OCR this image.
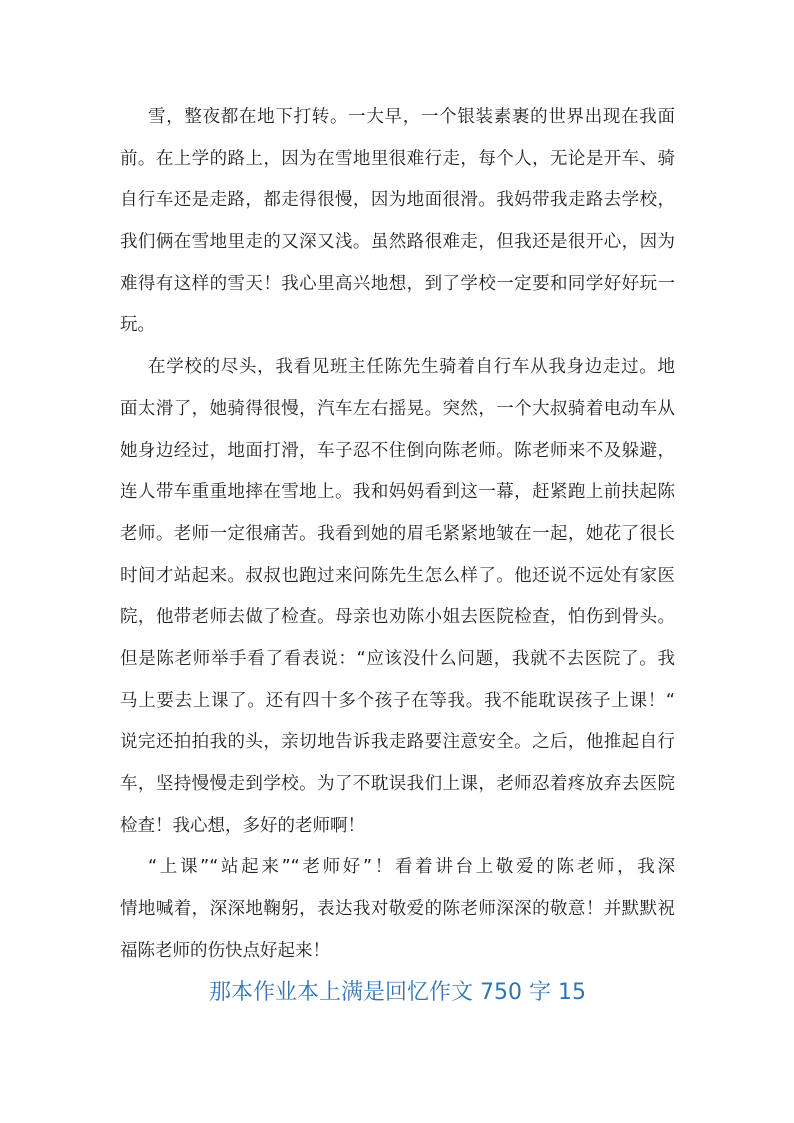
雪，整夜都在地下打转。一大早，一个银装素裹的世界出现在我面
前。在上学的路上，因为在雪地里很难行走，每个人，无论是开车、骑
自行车还是走路，都走得很慢，因为地面很滑。我妈带我走路去学校，
我们俩在雪地里走的又深又浅。虽然路很难走，但我还是很开心，因为
难得有这样的雪天！我心里高兴地想，到了学校一定要和同学好好玩一
玩。
在学校的尽头，我看见班主任陈先生骑着自行车从我身边走过。地
面太滑了，她骑得很慢，汽车左右摇晃。突然，一个大叔骑着电动车从
她身边经过，地面打滑，车子忍不住倒向陈老师。陈老师来不及躲避，
连人带车重重地摔在雪地上。我和妈妈看到这一幕，赶紧跑上前扶起陈
老师。老师一定很痛苦。我看到她的眉毛紧紧地皱在一起，她花了很长
时间才站起来。叔叔也跑过来问陈先生怎么样了。他还说不远处有家医
院，他带老师去做了检查。母亲也劝陈小姐去医院检查，怕伤到骨头。
但是陈老师举手看了看表说：“应该没什么问题，我就不去医院了。我
马上要去上课了。还有四十多个孩子在等我。我不能耽误孩子上课！“
说完还拍拍我的头，亲切地告诉我走路要注意安全。之后，他推起自行
车，坚持慢慢走到学校。为了不耽误我们上课，老师忍着疼放弃去医院
检查！我心想，多好的老师啊！
“上课”“站起来”“老师好”！看着讲台上敬爱的陈老师，我深
情地喊着，深深地鞠躬，表达我对敬爱的陈老师深深的敬意！并默默祝
福陈老师的伤快点好起来！
那本作业本上满是回忆作文 750 字 15
